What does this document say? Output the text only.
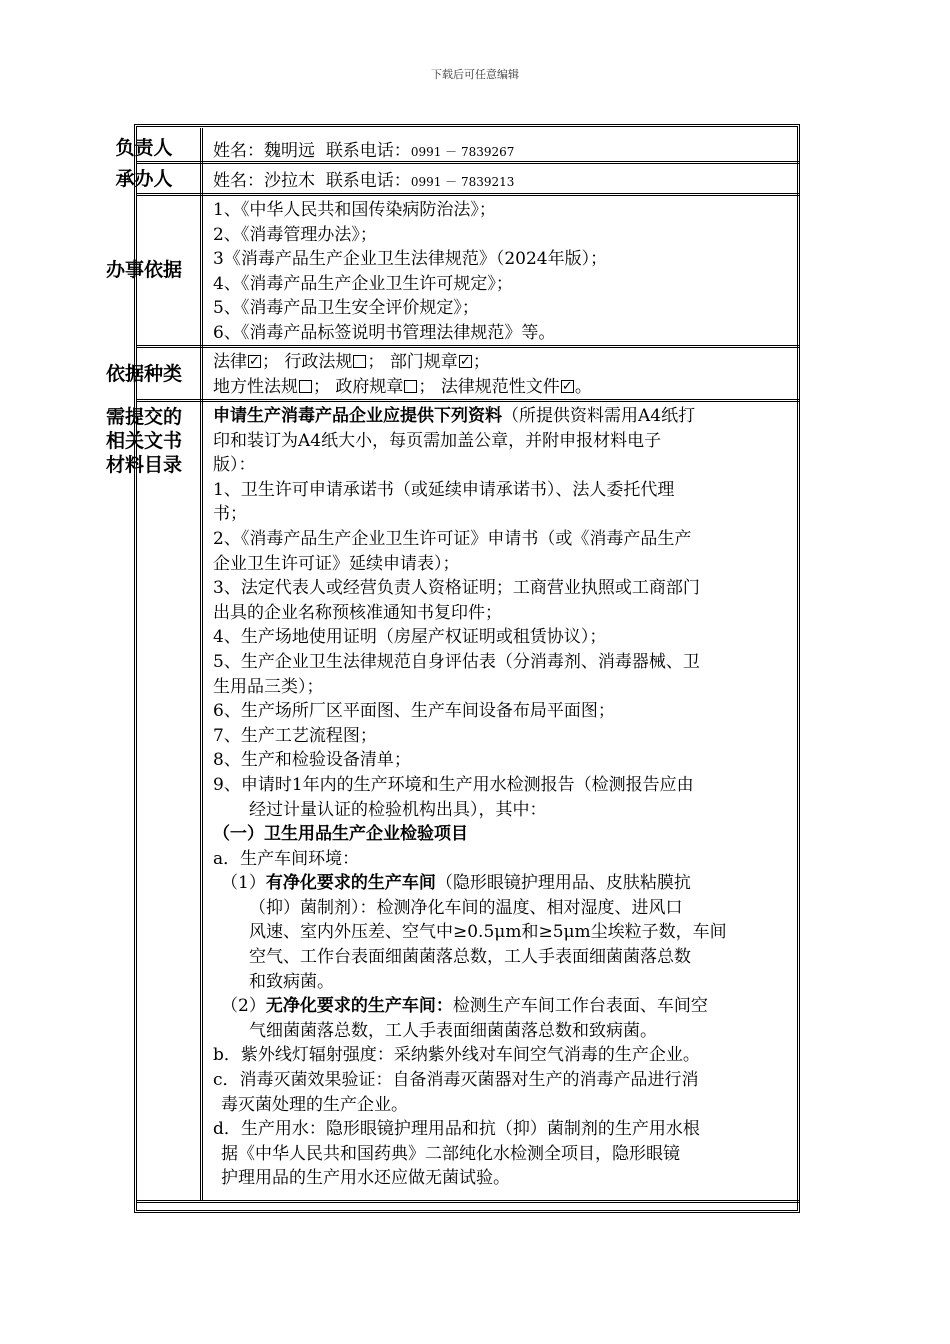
下载后可任意编辑
负责人	姓名：魏明远 联系电话：0991 － 7839267

承办人	姓名：沙拉木 联系电话：0991 － 7839213

办事依据

1、《中华人民共和国传染病防治法》；

2、《消毒管理办法》；

3《消毒产品生产企业卫生法律规范》（2024年版）；

4、《消毒产品生产企业卫生许可规定》；

5、《消毒产品卫生安全评价规定》；

6、《消毒产品标签说明书管理法律规范》等。

依据种类

法律 ✓ ； 行政法规 ； 部门规章 ✓ ；

地方性法规 ； 政府规章 ； 法律规范性文件 ✓ 。

需提交的
相关文书
材料目录

申请生产消毒产品企业应提供下列资料（所提供资料需用A4纸打

印和装订为A4纸大小，每页需加盖公章，并附申报材料电子

版）：

1、卫生许可申请承诺书（或延续申请承诺书）、法人委托代理

书；

2、《消毒产品生产企业卫生许可证》申请书（或《消毒产品生产

企业卫生许可证》延续申请表）；

3、法定代表人或经营负责人资格证明；工商营业执照或工商部门

出具的企业名称预核准通知书复印件；

4、生产场地使用证明（房屋产权证明或租赁协议）；

5、生产企业卫生法律规范自身评估表（分消毒剂、消毒器械、卫

生用品三类）；

6、生产场所厂区平面图、生产车间设备布局平面图；

7、生产工艺流程图；

8、生产和检验设备清单；

9、申请时1年内的生产环境和生产用水检测报告（检测报告应由

经过计量认证的检验机构出具），其中：

（一）卫生用品生产企业检验项目

a．生产车间环境：

（1）有净化要求的生产车间（隐形眼镜护理用品、皮肤粘膜抗

（抑）菌制剂）：检测净化车间的温度、相对湿度、进风口

风速、室内外压差、空气中≥0.5μm和≥5μm尘埃粒子数，车间

空气、工作台表面细菌菌落总数，工人手表面细菌菌落总数

和致病菌。

（2）无净化要求的生产车间：检测生产车间工作台表面、车间空

气细菌菌落总数，工人手表面细菌菌落总数和致病菌。

b．紫外线灯辐射强度：采纳紫外线对车间空气消毒的生产企业。

c．消毒灭菌效果验证：自备消毒灭菌器对生产的消毒产品进行消

毒灭菌处理的生产企业。

d．生产用水：隐形眼镜护理用品和抗（抑）菌制剂的生产用水根

据《中华人民共和国药典》二部纯化水检测全项目，隐形眼镜

护理用品的生产用水还应做无菌试验。
